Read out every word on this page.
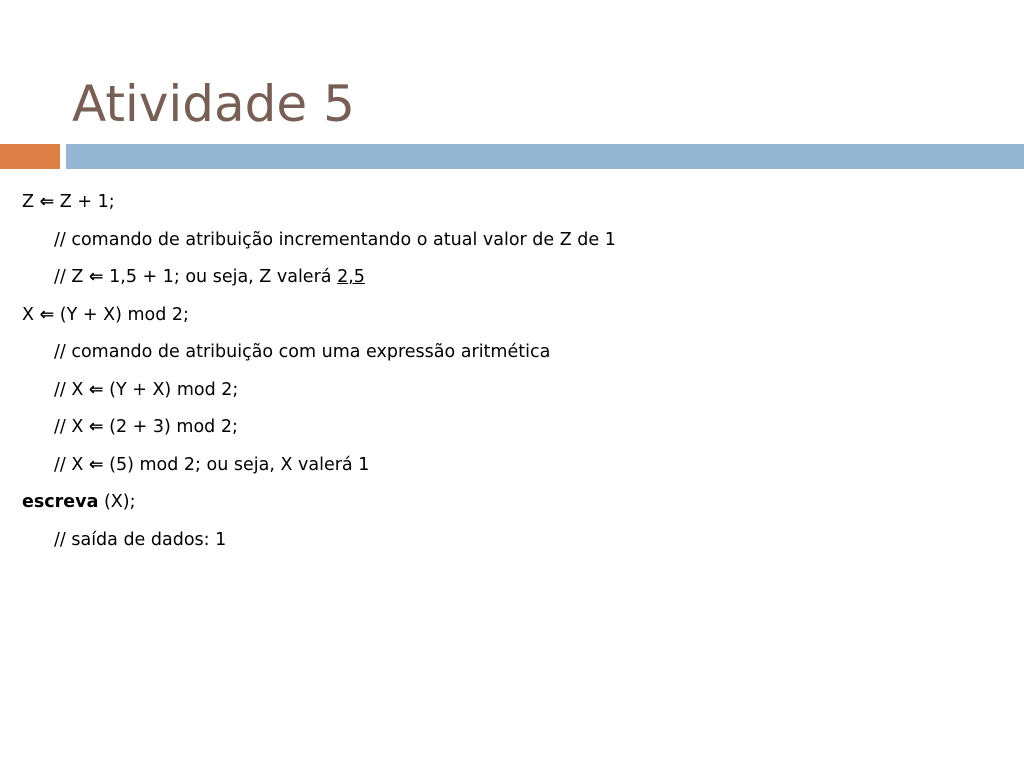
Atividade 5
Z ⇐ Z + 1;
// comando de atribuição incrementando o atual valor de Z de 1
// Z ⇐ 1,5 + 1; ou seja, Z valerá 2,5
X ⇐ (Y + X) mod 2;
// comando de atribuição com uma expressão aritmética
// X ⇐ (Y + X) mod 2;
// X ⇐ (2 + 3) mod 2;
// X ⇐ (5) mod 2; ou seja, X valerá 1
escreva (X);
// saída de dados: 1
